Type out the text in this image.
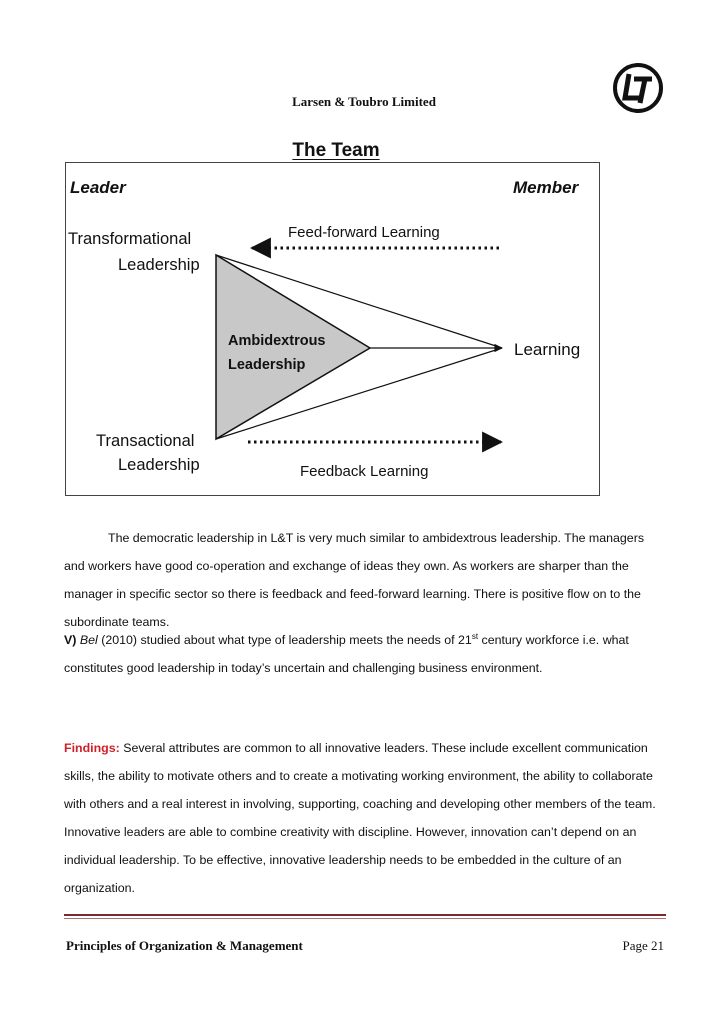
Larsen & Toubro Limited
The Team
Leader	Member
Transformational
Leadership
Transactional
Leadership
Feed-forward Learning
Feedback Learning
Ambidextrous
Leadership
Learning
The democratic leadership in L&T is very much similar to ambidextrous leadership. The managers and workers have good co-operation and exchange of ideas they own. As workers are sharper than the manager in specific sector so there is feedback and feed-forward learning. There is positive flow on to the subordinate teams.
V) Bel (2010) studied about what type of leadership meets the needs of 21st century workforce i.e. what constitutes good leadership in today’s uncertain and challenging business environment.
Findings: Several attributes are common to all innovative leaders. These include excellent communication skills, the ability to motivate others and to create a motivating working environment, the ability to collaborate with others and a real interest in involving, supporting, coaching and developing other members of the team. Innovative leaders are able to combine creativity with discipline. However, innovation can’t depend on an individual leadership. To be effective, innovative leadership needs to be embedded in the culture of an organization.
Principles of Organization & Management	Page 21
